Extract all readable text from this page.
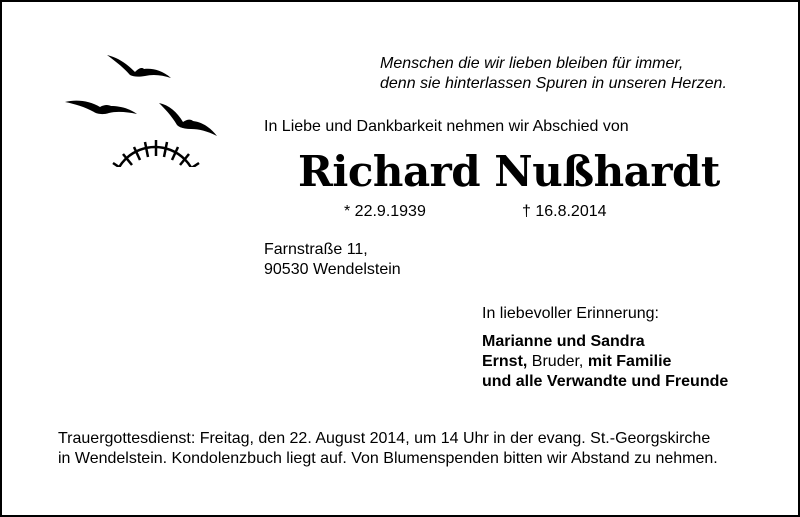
Menschen die wir lieben bleiben für immer,
denn sie hinterlassen Spuren in unseren Herzen.
In Liebe und Dankbarkeit nehmen wir Abschied von
Richard Nußhardt
* 22.9.1939	† 16.8.2014
Farnstraße 11,
90530 Wendelstein
In liebevoller Erinnerung:
Marianne und Sandra
Ernst, Bruder, mit Familie
und alle Verwandte und Freunde
Trauergottesdienst: Freitag, den 22. August 2014, um 14 Uhr in der evang. St.-Georgskirche
in Wendelstein. Kondolenzbuch liegt auf. Von Blumenspenden bitten wir Abstand zu nehmen.
